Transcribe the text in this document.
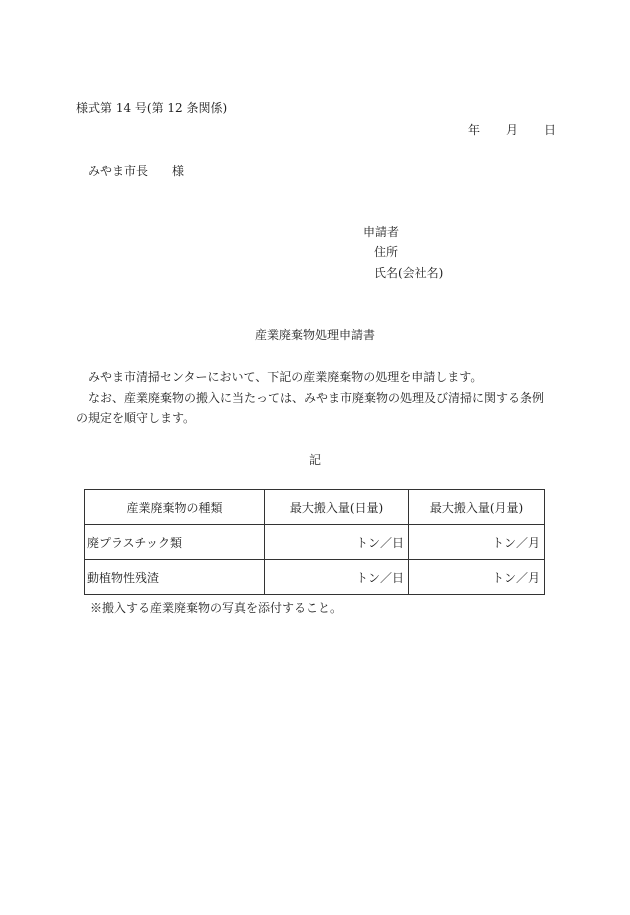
様式第 14 号(第 12 条関係)
年 月 日
みやま市長 様
申請者
住所
氏名(会社名)
産業廃棄物処理申請書
みやま市清掃センターにおいて、下記の産業廃棄物の処理を申請します。
なお、産業廃棄物の搬入に当たっては、みやま市廃棄物の処理及び清掃に関する条例
の規定を順守します。
記
産業廃棄物の種類	最大搬入量(日量)	最大搬入量(月量)
廃プラスチック類	トン／日	トン／月
動植物性残渣	トン／日	トン／月
※搬入する産業廃棄物の写真を添付すること。
